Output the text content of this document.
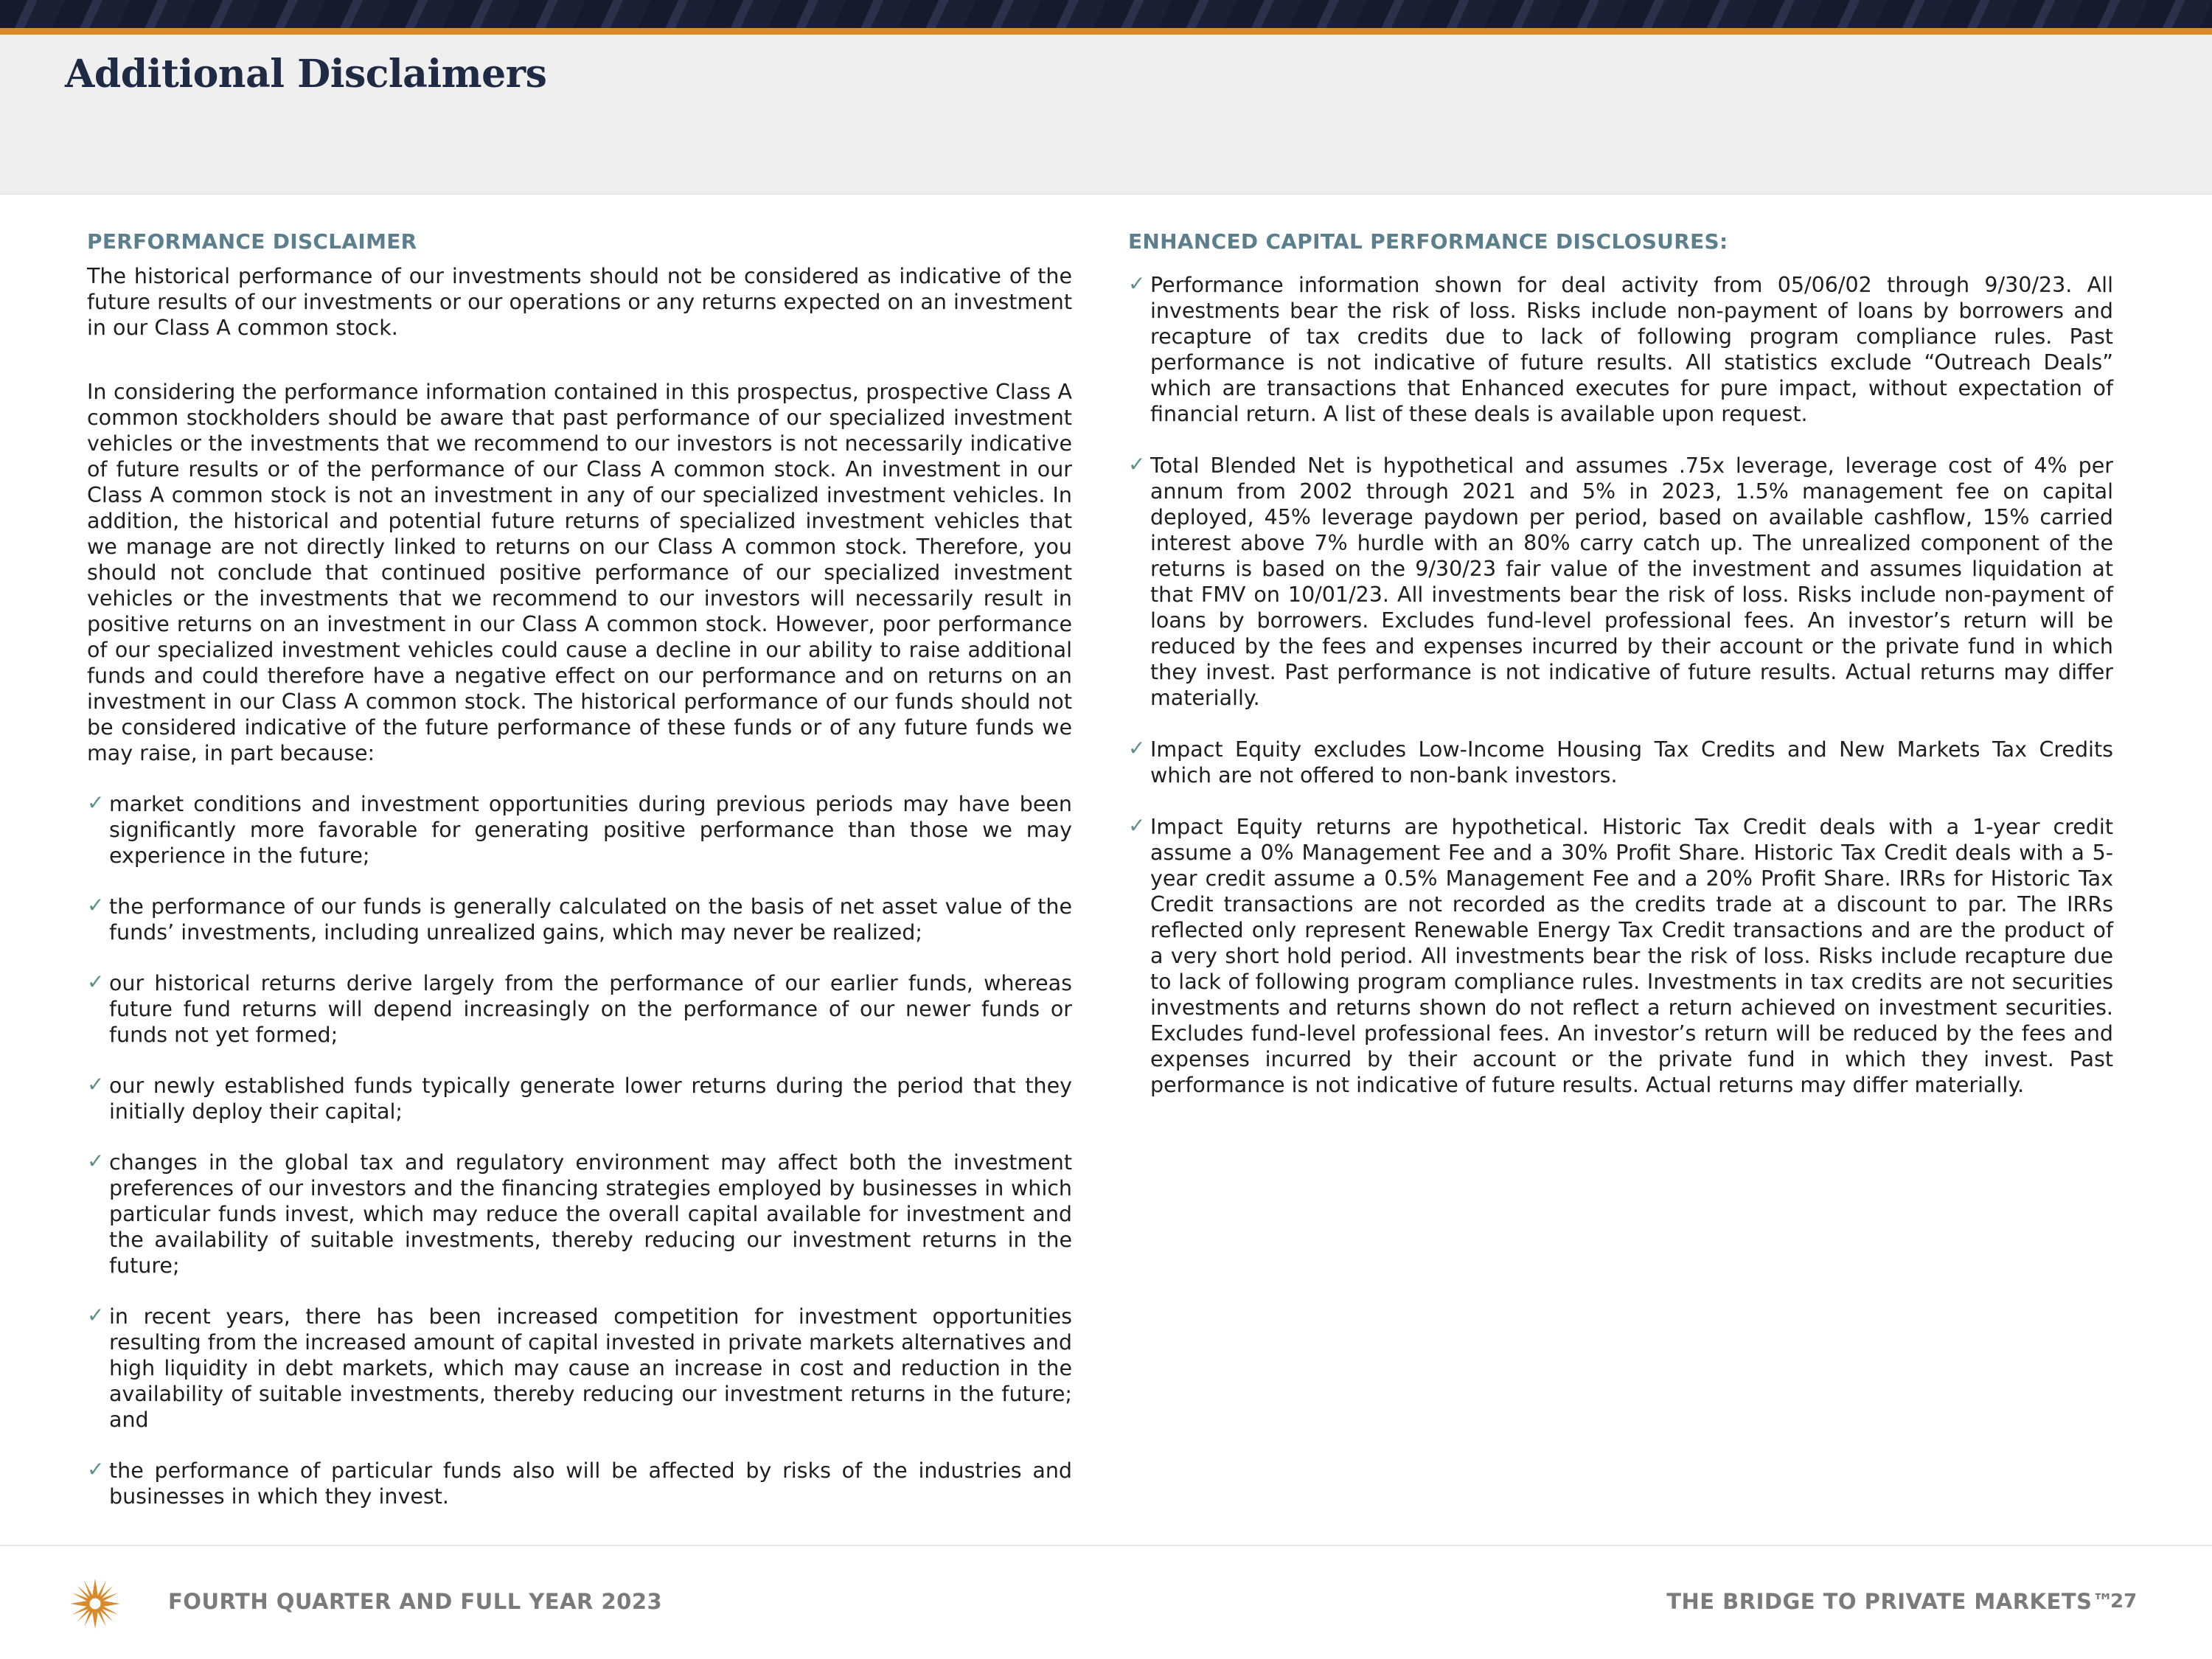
Additional Disclaimers
PERFORMANCE DISCLAIMER

The historical performance of our investments should not be considered as indicative of the future results of our investments or our operations or any returns expected on an investment in our Class A common stock.

In considering the performance information contained in this prospectus, prospective Class A common stockholders should be aware that past performance of our specialized investment vehicles or the investments that we recommend to our investors is not necessarily indicative of future results or of the performance of our Class A common stock. An investment in our Class A common stock is not an investment in any of our specialized investment vehicles. In addition, the historical and potential future returns of specialized investment vehicles that we manage are not directly linked to returns on our Class A common stock. Therefore, you should not conclude that continued positive performance of our specialized investment vehicles or the investments that we recommend to our investors will necessarily result in positive returns on an investment in our Class A common stock. However, poor performance of our specialized investment vehicles could cause a decline in our ability to raise additional funds and could therefore have a negative effect on our performance and on returns on an investment in our Class A common stock. The historical performance of our funds should not be considered indicative of the future performance of these funds or of any future funds we may raise, in part because:

✓ market conditions and investment opportunities during previous periods may have been significantly more favorable for generating positive performance than those we may experience in the future;
✓ the performance of our funds is generally calculated on the basis of net asset value of the funds’ investments, including unrealized gains, which may never be realized;
✓ our historical returns derive largely from the performance of our earlier funds, whereas future fund returns will depend increasingly on the performance of our newer funds or funds not yet formed;
✓ our newly established funds typically generate lower returns during the period that they initially deploy their capital;
✓ changes in the global tax and regulatory environment may affect both the investment preferences of our investors and the financing strategies employed by businesses in which particular funds invest, which may reduce the overall capital available for investment and the availability of suitable investments, thereby reducing our investment returns in the future;
✓ in recent years, there has been increased competition for investment opportunities resulting from the increased amount of capital invested in private markets alternatives and high liquidity in debt markets, which may cause an increase in cost and reduction in the availability of suitable investments, thereby reducing our investment returns in the future; and
✓ the performance of particular funds also will be affected by risks of the industries and businesses in which they invest.
ENHANCED CAPITAL PERFORMANCE DISCLOSURES:
✓ Performance information shown for deal activity from 05/06/02 through 9/30/23. All investments bear the risk of loss. Risks include non-payment of loans by borrowers and recapture of tax credits due to lack of following program compliance rules. Past performance is not indicative of future results. All statistics exclude “Outreach Deals” which are transactions that Enhanced executes for pure impact, without expectation of financial return. A list of these deals is available upon request.
✓ Total Blended Net is hypothetical and assumes .75x leverage, leverage cost of 4% per annum from 2002 through 2021 and 5% in 2023, 1.5% management fee on capital deployed, 45% leverage paydown per period, based on available cashflow, 15% carried interest above 7% hurdle with an 80% carry catch up. The unrealized component of the returns is based on the 9/30/23 fair value of the investment and assumes liquidation at that FMV on 10/01/23. All investments bear the risk of loss. Risks include non-payment of loans by borrowers. Excludes fund-level professional fees. An investor’s return will be reduced by the fees and expenses incurred by their account or the private fund in which they invest. Past performance is not indicative of future results. Actual returns may differ materially.
✓ Impact Equity excludes Low-Income Housing Tax Credits and New Markets Tax Credits which are not offered to non-bank investors.
✓ Impact Equity returns are hypothetical. Historic Tax Credit deals with a 1-year credit assume a 0% Management Fee and a 30% Profit Share. Historic Tax Credit deals with a 5-year credit assume a 0.5% Management Fee and a 20% Profit Share. IRRs for Historic Tax Credit transactions are not recorded as the credits trade at a discount to par. The IRRs reflected only represent Renewable Energy Tax Credit transactions and are the product of a very short hold period. All investments bear the risk of loss. Risks include recapture due to lack of following program compliance rules. Investments in tax credits are not securities investments and returns shown do not reflect a return achieved on investment securities. Excludes fund-level professional fees. An investor’s return will be reduced by the fees and expenses incurred by their account or the private fund in which they invest. Past performance is not indicative of future results. Actual returns may differ materially.
FOURTH QUARTER AND FULL YEAR 2023	THE BRIDGE TO PRIVATE MARKETS™
27
